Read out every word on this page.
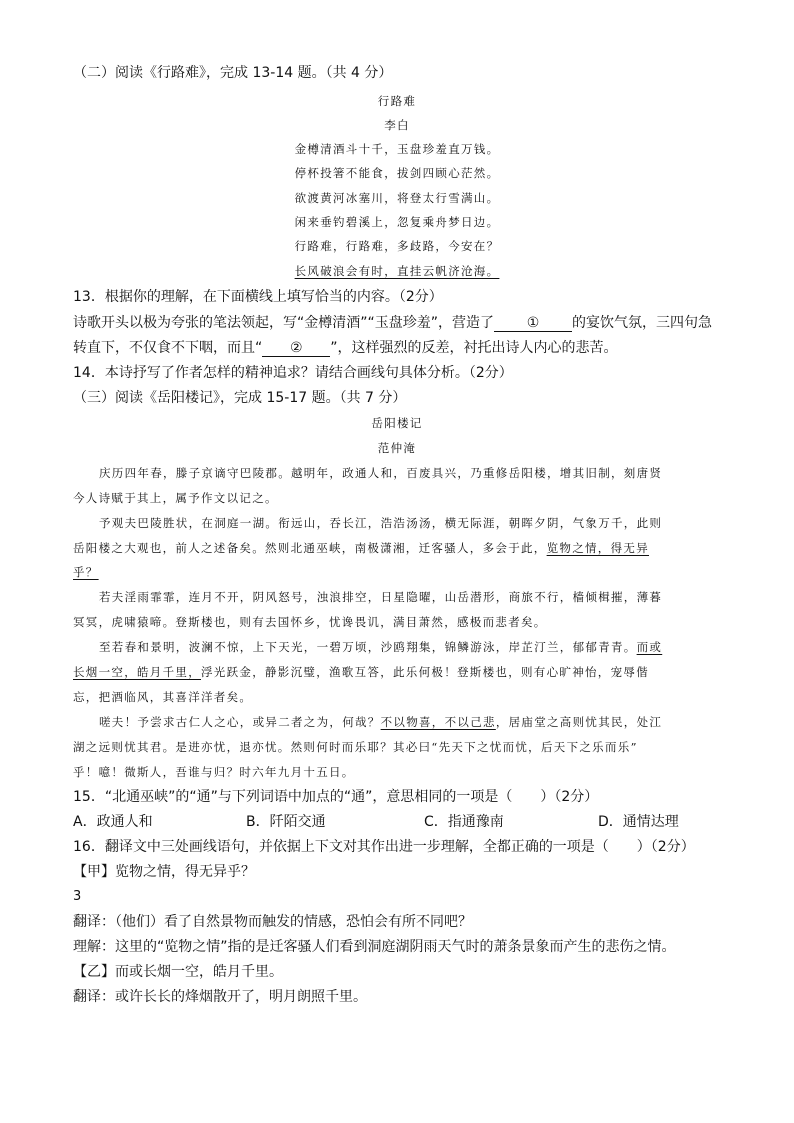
（二）阅读《行路难》，完成 13-14 题。（共 4 分）
行路难
李白
金樽清酒斗十千，玉盘珍羞直万钱。
停杯投箸不能食，拔剑四顾心茫然。
欲渡黄河冰塞川，将登太行雪满山。
闲来垂钓碧溪上，忽复乘舟梦日边。
行路难，行路难，多歧路，今安在？
长风破浪会有时，直挂云帆济沧海。
13．根据你的理解，在下面横线上填写恰当的内容。（2分）
诗歌开头以极为夸张的笔法领起，写“金樽清酒”“玉盘珍羞”，营造了 ① 的宴饮气氛，三四句急
转直下，不仅食不下咽，而且“ ② ”，这样强烈的反差，衬托出诗人内心的悲苦。
14．本诗抒写了作者怎样的精神追求？请结合画线句具体分析。（2分）
（三）阅读《岳阳楼记》，完成 15-17 题。（共 7 分）
岳阳楼记
范仲淹
庆历四年春，滕子京谪守巴陵郡。越明年，政通人和，百废具兴，乃重修岳阳楼，增其旧制，刻唐贤
今人诗赋于其上，属予作文以记之。
予观夫巴陵胜状，在洞庭一湖。衔远山，吞长江，浩浩汤汤，横无际涯，朝晖夕阴，气象万千，此则
岳阳楼之大观也，前人之述备矣。然则北通巫峡，南极潇湘，迁客骚人，多会于此，览物之情，得无异
乎？
若夫淫雨霏霏，连月不开，阴风怒号，浊浪排空，日星隐曜，山岳潜形，商旅不行，樯倾楫摧，薄暮
冥冥，虎啸猿啼。登斯楼也，则有去国怀乡，忧谗畏讥，满目萧然，感极而悲者矣。
至若春和景明，波澜不惊，上下天光，一碧万顷，沙鸥翔集，锦鳞游泳，岸芷汀兰，郁郁青青。而或
长烟一空，皓月千里，浮光跃金，静影沉璧，渔歌互答，此乐何极！登斯楼也，则有心旷神怡，宠辱偕
忘，把酒临风，其喜洋洋者矣。
嗟夫！予尝求古仁人之心，或异二者之为，何哉？不以物喜，不以己悲，居庙堂之高则忧其民，处江
湖之远则忧其君。是进亦忧，退亦忧。然则何时而乐耶？其必曰“先天下之忧而忧，后天下之乐而乐”
乎！噫！微斯人，吾谁与归？时六年九月十五日。
15．“北通巫峡”的“通”与下列词语中加点的“通”，意思相同的一项是（　　）（2分）
A．政通人和	B．阡陌交通	C．指通豫南	D．通情达理
16．翻译文中三处画线语句，并依据上下文对其作出进一步理解，全都正确的一项是（　　）（2分）
【甲】览物之情，得无异乎？
3
翻译：（他们）看了自然景物而触发的情感，恐怕会有所不同吧？
理解：这里的“览物之情”指的是迁客骚人们看到洞庭湖阴雨天气时的萧条景象而产生的悲伤之情。
【乙】而或长烟一空，皓月千里。
翻译：或许长长的烽烟散开了，明月朗照千里。
